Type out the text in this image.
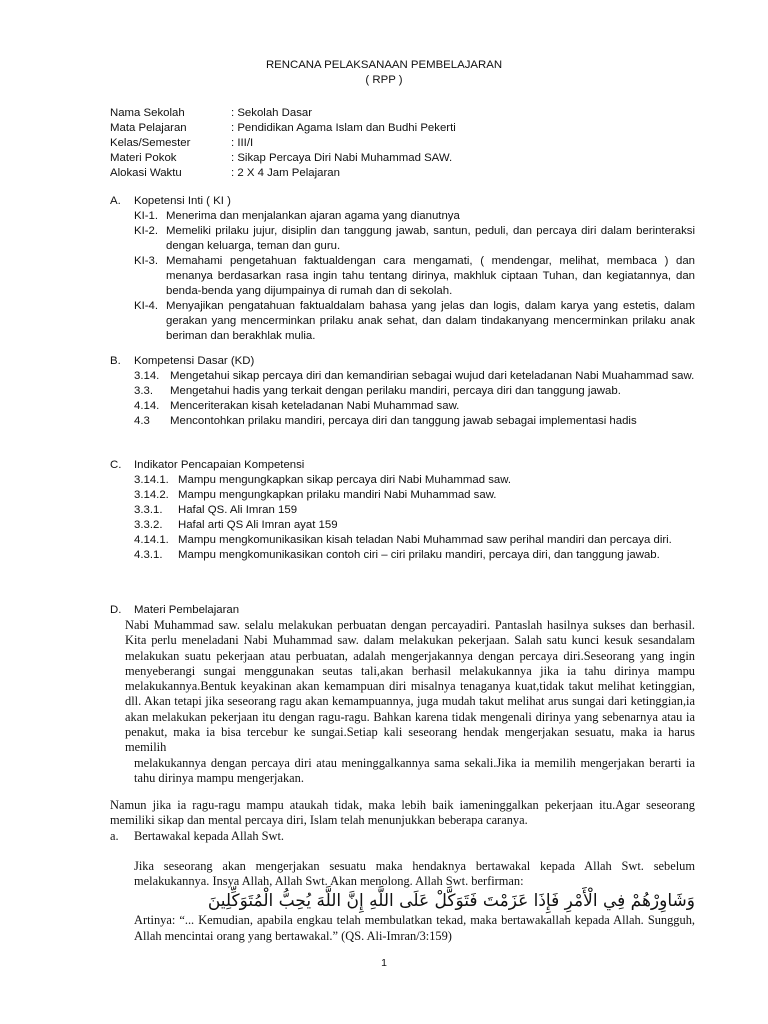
RENCANA PELAKSANAAN PEMBELAJARAN
( RPP )
Nama Sekolah	: Sekolah Dasar
Mata Pelajaran	: Pendidikan Agama Islam dan Budhi Pekerti
Kelas/Semester	: III/I
Materi Pokok	: Sikap Percaya Diri Nabi Muhammad SAW.
Alokasi Waktu	: 2 X 4 Jam Pelajaran
A.	Kopetensi Inti ( KI )
KI-1. Menerima dan menjalankan ajaran agama yang dianutnya
KI-2. Memeliki prilaku jujur, disiplin dan tanggung jawab, santun, peduli, dan percaya diri dalam berinteraksi dengan keluarga, teman dan guru.
KI-3. Memahami pengetahuan faktualdengan cara mengamati, ( mendengar, melihat, membaca ) dan menanya berdasarkan rasa ingin tahu tentang dirinya, makhluk ciptaan Tuhan, dan kegiatannya, dan benda-benda yang dijumpainya di rumah dan di sekolah.
KI-4. Menyajikan pengatahuan faktualdalam bahasa yang jelas dan logis, dalam karya yang estetis, dalam gerakan yang mencerminkan prilaku anak sehat, dan dalam tindakanyang mencerminkan prilaku anak beriman dan berakhlak mulia.
B.	Kompetensi Dasar (KD)
3.14. Mengetahui sikap percaya diri dan kemandirian sebagai wujud dari keteladanan Nabi Muahammad saw.
3.3.	Mengetahui hadis yang terkait dengan perilaku mandiri, percaya diri dan tanggung jawab.
4.14. Menceriterakan kisah keteladanan Nabi Muhammad saw.
4.3	Mencontohkan prilaku mandiri, percaya diri dan tanggung jawab sebagai implementasi hadis
C.	Indikator Pencapaian Kompetensi
3.14.1. Mampu mengungkapkan sikap percaya diri Nabi Muhammad saw.
3.14.2. Mampu mengungkapkan prilaku mandiri Nabi Muhammad saw.
3.3.1.	Hafal QS. Ali Imran 159
3.3.2.	Hafal arti QS Ali Imran ayat 159
4.14.1. Mampu mengkomunikasikan kisah teladan Nabi Muhammad saw perihal mandiri dan percaya diri.
4.3.1.	Mampu mengkomunikasikan contoh ciri – ciri prilaku mandiri, percaya diri, dan tanggung jawab.
D.	Materi Pembelajaran
Nabi Muhammad saw. selalu melakukan perbuatan dengan percayadiri. Pantaslah hasilnya sukses dan berhasil. Kita perlu meneladani Nabi Muhammad saw. dalam melakukan pekerjaan. Salah satu kunci kesuk sesandalam melakukan suatu pekerjaan atau perbuatan, adalah mengerjakannya dengan percaya diri.Seseorang yang ingin menyeberangi sungai menggunakan seutas tali,akan berhasil melakukannya jika ia tahu dirinya mampu melakukannya.Bentuk keyakinan akan kemampuan diri misalnya tenaganya kuat,tidak takut melihat ketinggian, dll. Akan tetapi jika seseorang ragu akan kemampuannya, juga mudah takut melihat arus sungai dari ketinggian,ia akan melakukan pekerjaan itu dengan ragu-ragu. Bahkan karena tidak mengenali dirinya yang sebenarnya atau ia penakut, maka ia bisa tercebur ke sungai.Setiap kali seseorang hendak mengerjakan sesuatu, maka ia harus memilih
melakukannya dengan percaya diri atau meninggalkannya sama sekali.Jika ia memilih mengerjakan berarti ia tahu dirinya mampu mengerjakan.
Namun jika ia ragu-ragu mampu ataukah tidak, maka lebih baik iameninggalkan pekerjaan itu.Agar seseorang memiliki sikap dan mental percaya diri, Islam telah menunjukkan beberapa caranya.
a.	Bertawakal kepada Allah Swt.
Jika seseorang akan mengerjakan sesuatu maka hendaknya bertawakal kepada Allah Swt. sebelum melakukannya. Insya Allah, Allah Swt. Akan menolong. Allah Swt. berfirman:
وَشَاوِرْهُمْ فِي الْأَمْرِ فَإِذَا عَزَمْتَ فَتَوَكَّلْ عَلَى اللَّهِ إِنَّ اللَّهَ يُحِبُّ الْمُتَوَكِّلِينَ
Artinya: “... Kemudian, apabila engkau telah membulatkan tekad, maka bertawakallah kepada Allah. Sungguh, Allah mencintai orang yang bertawakal.” (QS. Ali-Imran/3:159)
1
